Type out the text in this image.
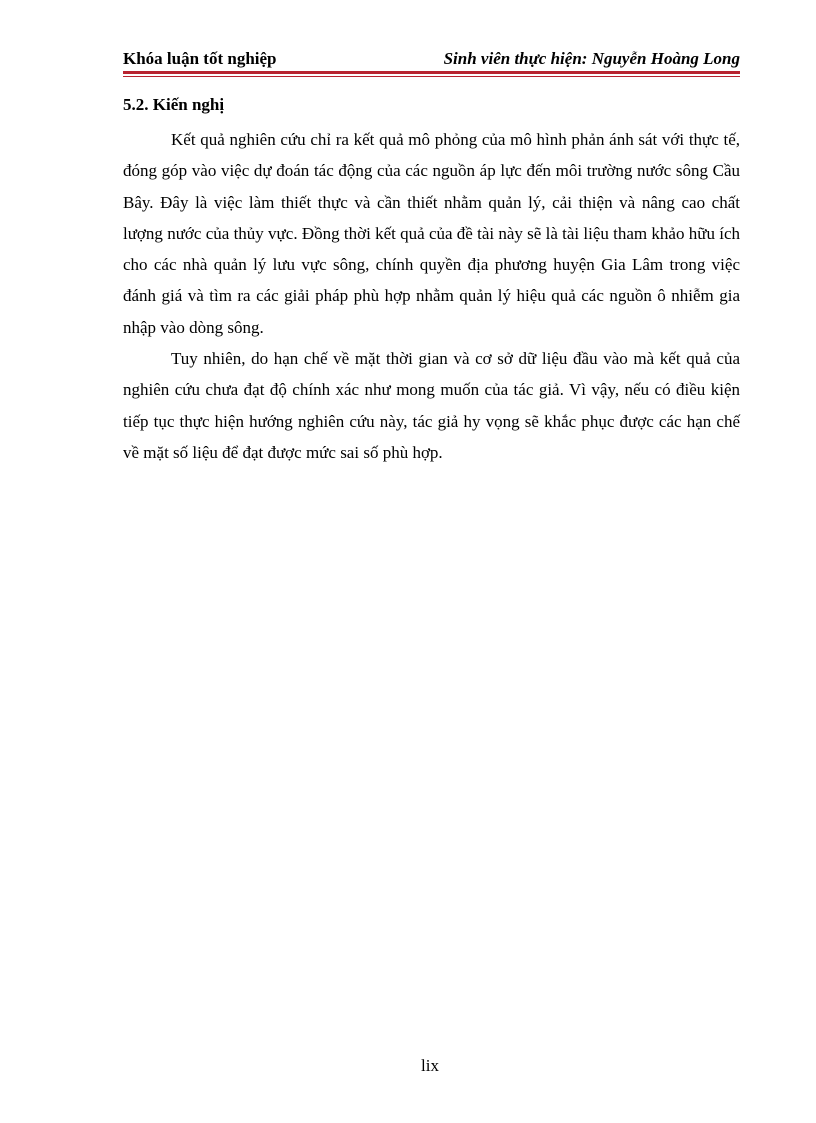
Khóa luận tốt nghiệp	Sinh viên thực hiện: Nguyễn Hoàng Long
5.2. Kiến nghị

Kết quả nghiên cứu chỉ ra kết quả mô phỏng của mô hình phản ánh sát với thực tế, đóng góp vào việc dự đoán tác động của các nguồn áp lực đến môi trường nước sông Cầu Bây. Đây là việc làm thiết thực và cần thiết nhằm quản lý, cải thiện và nâng cao chất lượng nước của thủy vực. Đồng thời kết quả của đề tài này sẽ là tài liệu tham khảo hữu ích cho các nhà quản lý lưu vực sông, chính quyền địa phương huyện Gia Lâm trong việc đánh giá và tìm ra các giải pháp phù hợp nhằm quản lý hiệu quả các nguồn ô nhiễm gia nhập vào dòng sông.

Tuy nhiên, do hạn chế về mặt thời gian và cơ sở dữ liệu đầu vào mà kết quả của nghiên cứu chưa đạt độ chính xác như mong muốn của tác giả. Vì vậy, nếu có điều kiện tiếp tục thực hiện hướng nghiên cứu này, tác giả hy vọng sẽ khắc phục được các hạn chế về mặt số liệu để đạt được mức sai số phù hợp.

lix
